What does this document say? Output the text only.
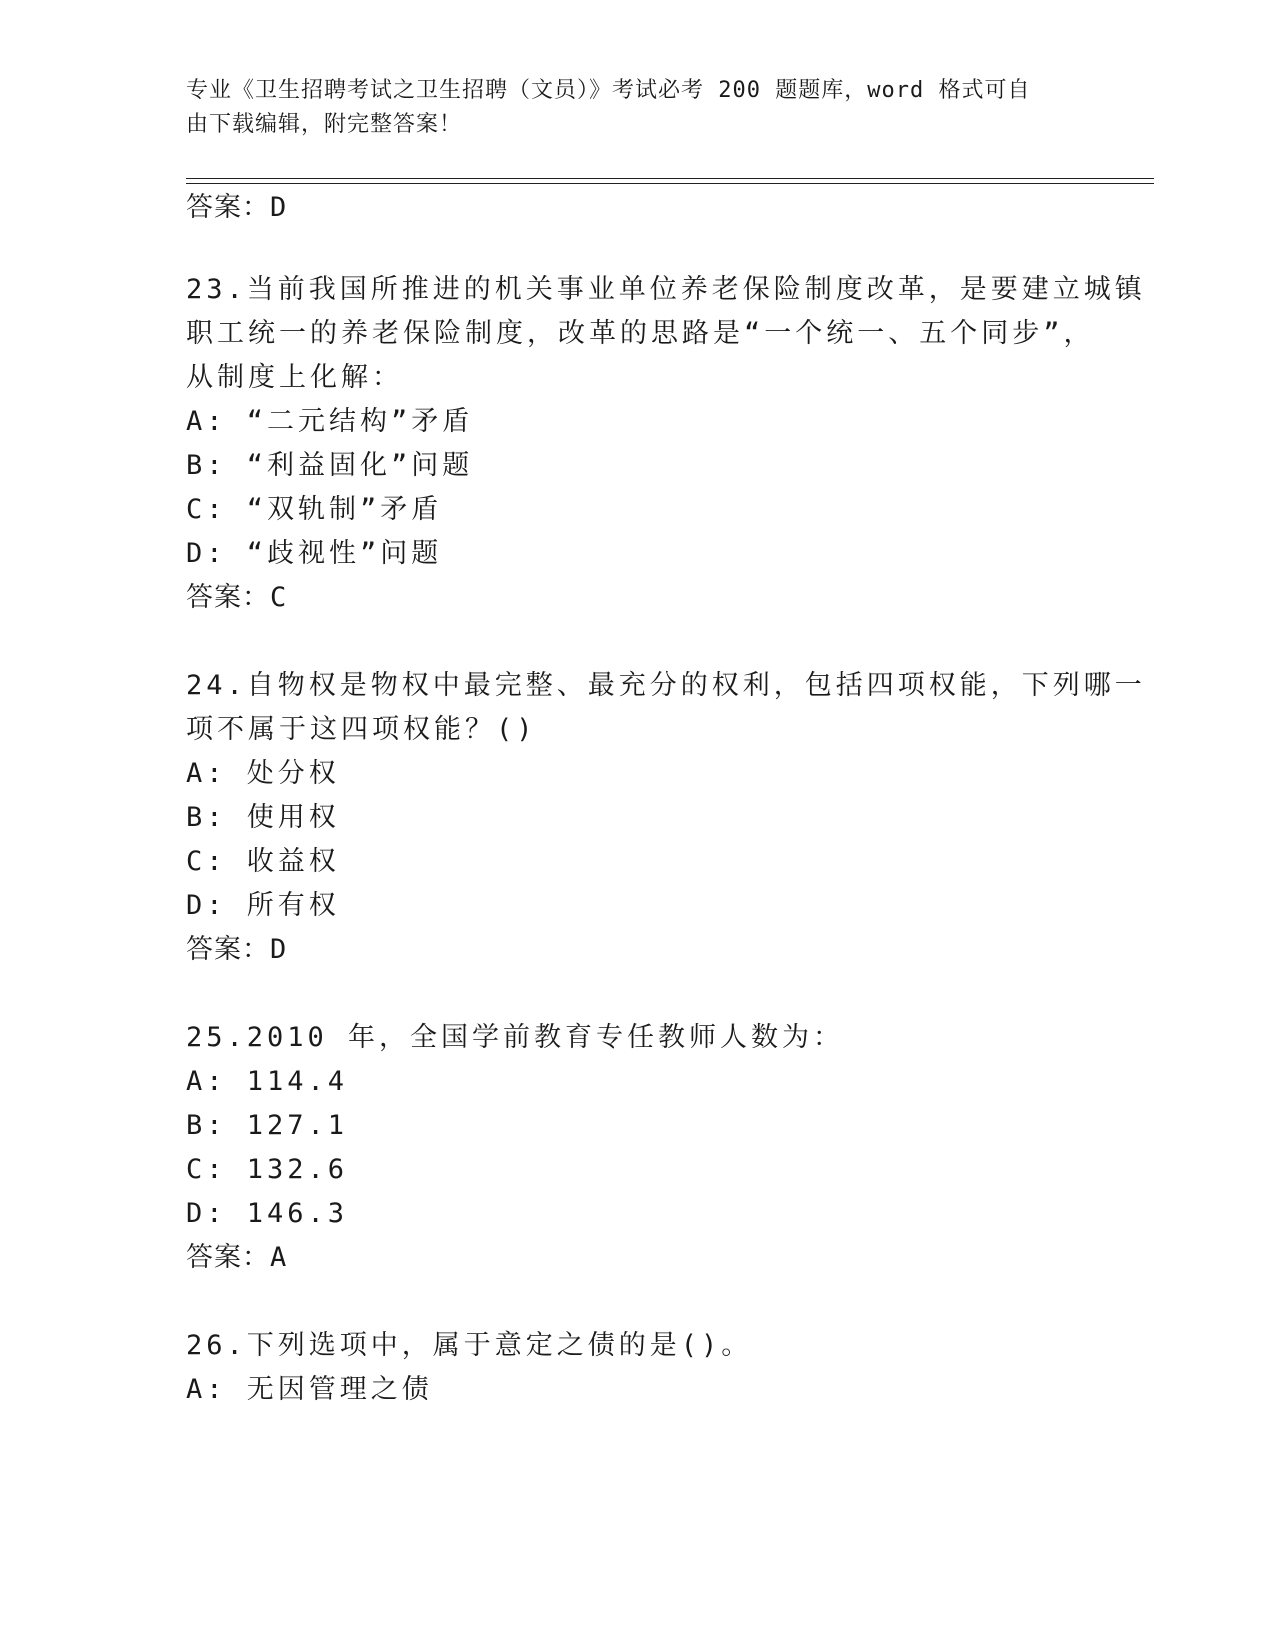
专业《卫生招聘考试之卫生招聘（文员）》考试必考 200 题题库，word 格式可自
由下载编辑，附完整答案！
答案：D
23.当前我国所推进的机关事业单位养老保险制度改革，是要建立城镇
职工统一的养老保险制度，改革的思路是“一个统一、五个同步”，
从制度上化解：
A: “二元结构”矛盾
B: “利益固化”问题
C: “双轨制”矛盾
D: “歧视性”问题
答案：C
24.自物权是物权中最完整、最充分的权利，包括四项权能，下列哪一
项不属于这四项权能？()
A: 处分权
B: 使用权
C: 收益权
D: 所有权
答案：D
25.2010 年，全国学前教育专任教师人数为：
A: 114.4
B: 127.1
C: 132.6
D: 146.3
答案：A
26.下列选项中，属于意定之债的是()。
A: 无因管理之债
